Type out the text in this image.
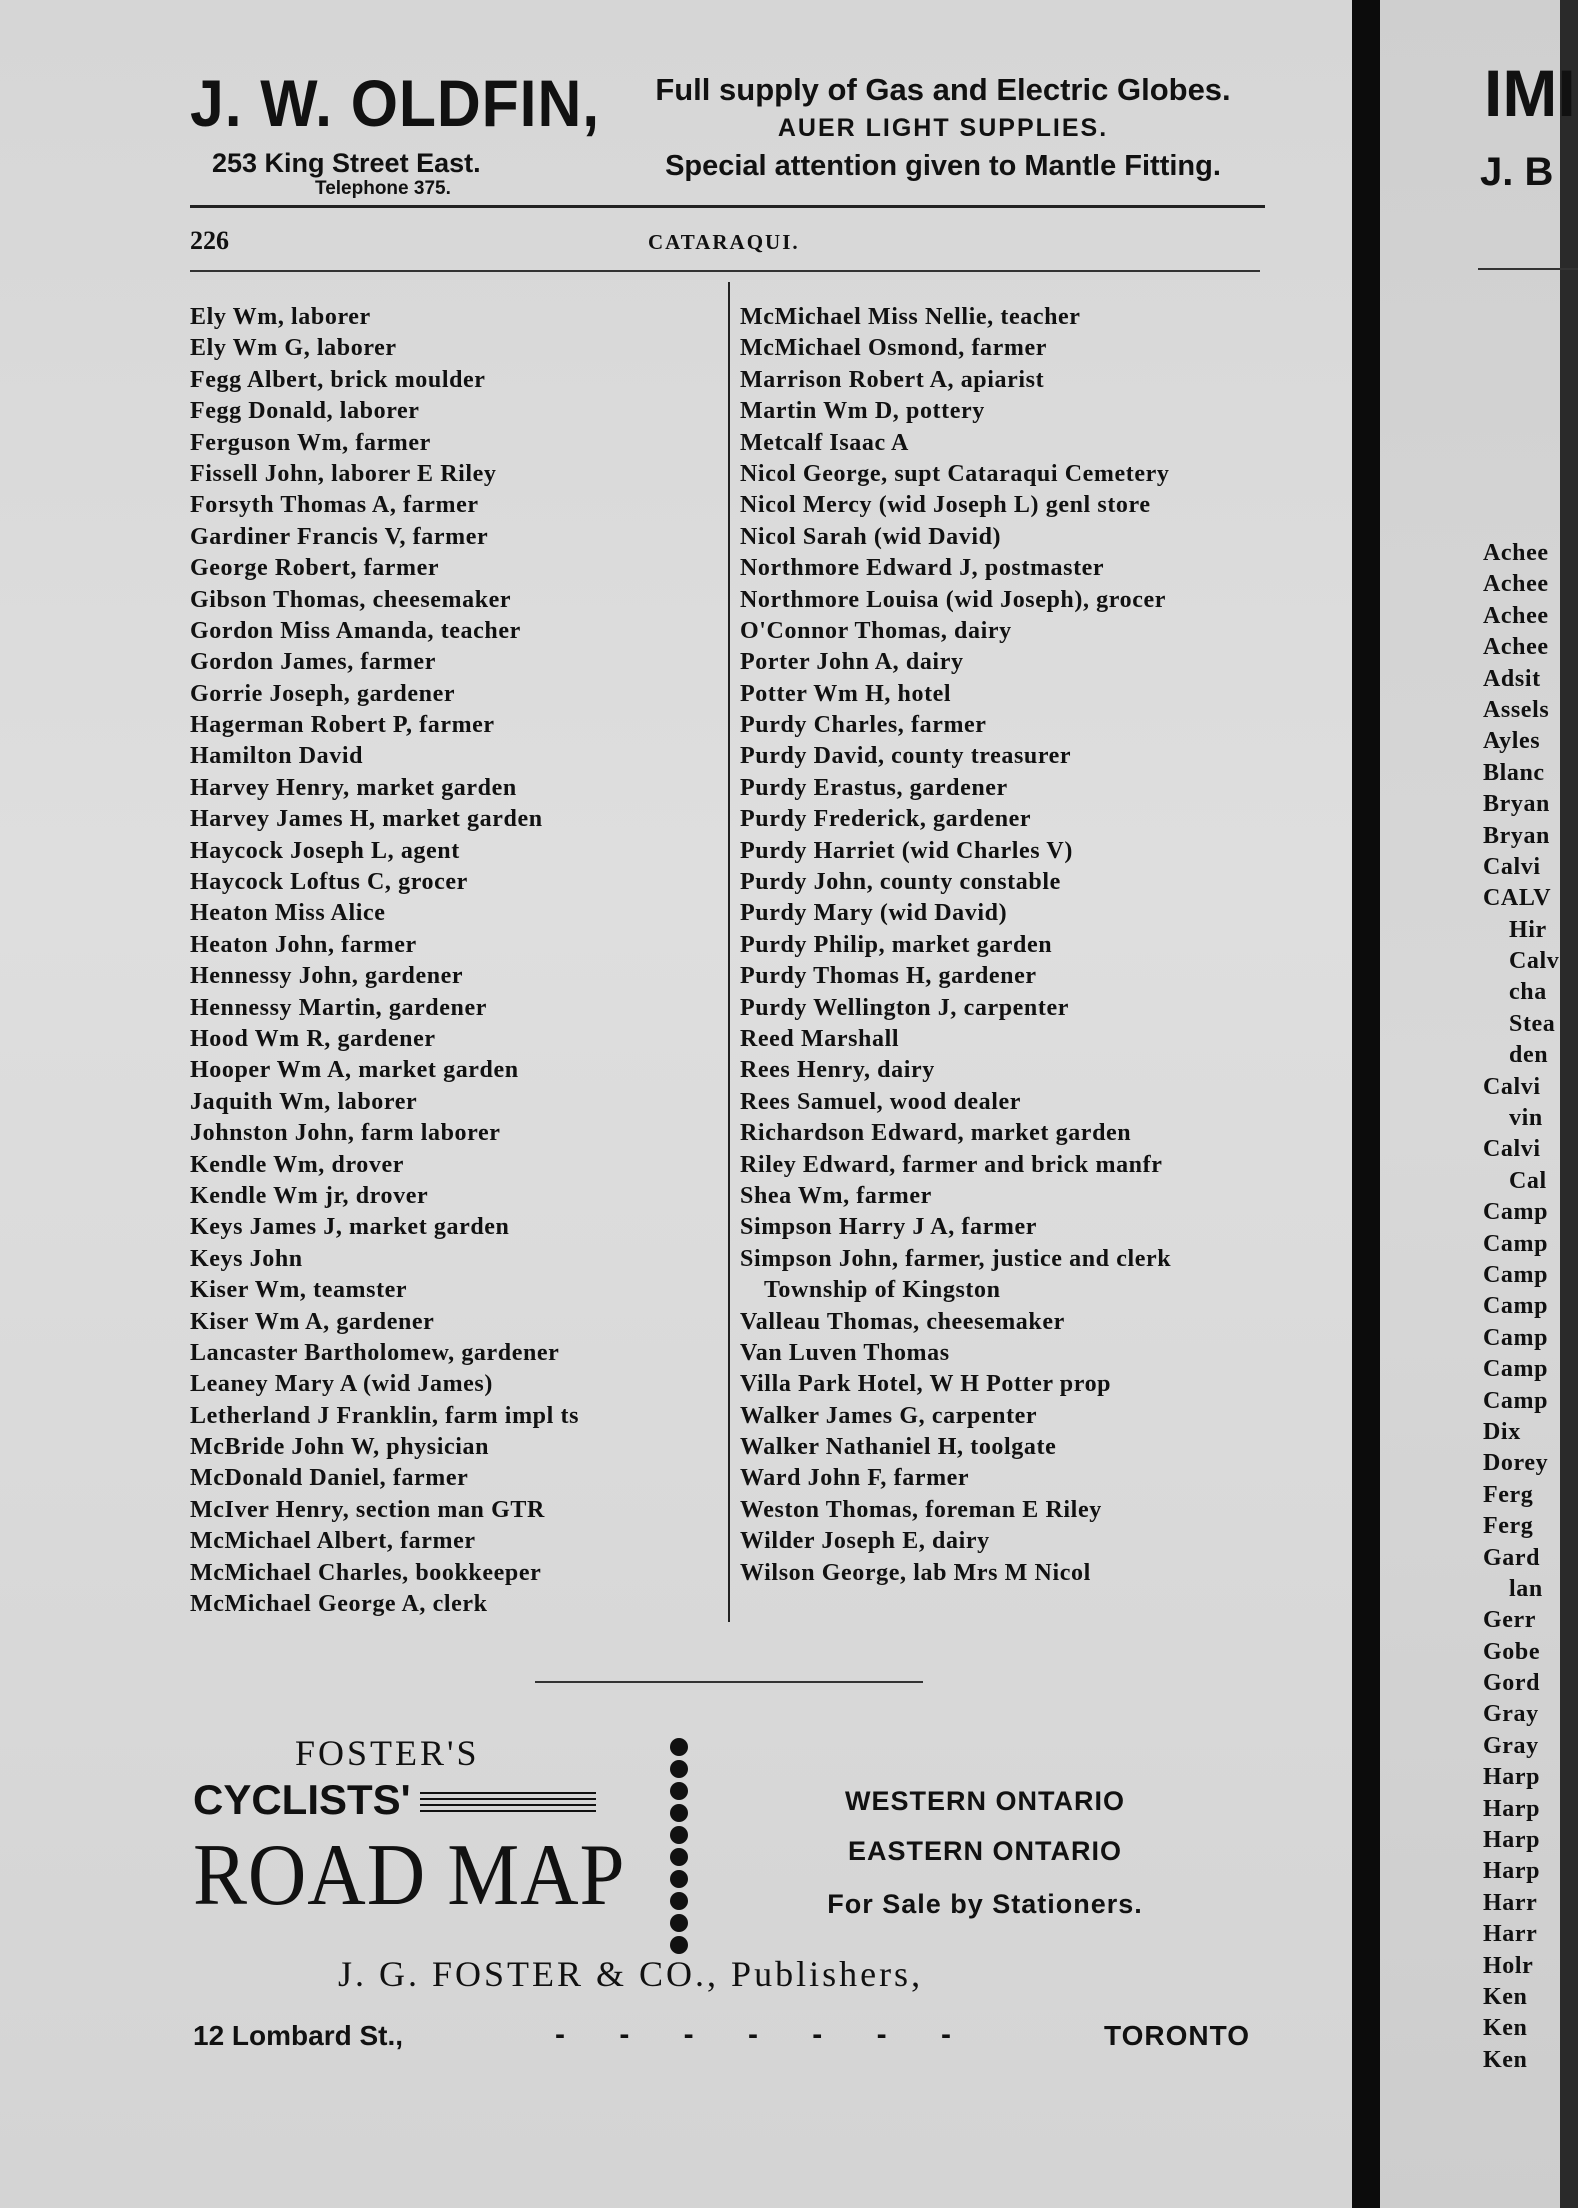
J. W. OLDFIN,
253 King Street East.
Telephone 375.
Full supply of Gas and Electric Globes.
AUER LIGHT SUPPLIES.
Special attention given to Mantle Fitting.
226	CATARAQUI.
Ely Wm, laborer
Ely Wm G, laborer
Fegg Albert, brick moulder
Fegg Donald, laborer
Ferguson Wm, farmer
Fissell John, laborer E Riley
Forsyth Thomas A, farmer
Gardiner Francis V, farmer
George Robert, farmer
Gibson Thomas, cheesemaker
Gordon Miss Amanda, teacher
Gordon James, farmer
Gorrie Joseph, gardener
Hagerman Robert P, farmer
Hamilton David
Harvey Henry, market garden
Harvey James H, market garden
Haycock Joseph L, agent
Haycock Loftus C, grocer
Heaton Miss Alice
Heaton John, farmer
Hennessy John, gardener
Hennessy Martin, gardener
Hood Wm R, gardener
Hooper Wm A, market garden
Jaquith Wm, laborer
Johnston John, farm laborer
Kendle Wm, drover
Kendle Wm jr, drover
Keys James J, market garden
Keys John
Kiser Wm, teamster
Kiser Wm A, gardener
Lancaster Bartholomew, gardener
Leaney Mary A (wid James)
Letherland J Franklin, farm impl ts
McBride John W, physician
McDonald Daniel, farmer
McIver Henry, section man GTR
McMichael Albert, farmer
McMichael Charles, bookkeeper
McMichael George A, clerk
McMichael Miss Nellie, teacher
McMichael Osmond, farmer
Marrison Robert A, apiarist
Martin Wm D, pottery
Metcalf Isaac A
Nicol George, supt Cataraqui Cemetery
Nicol Mercy (wid Joseph L) genl store
Nicol Sarah (wid David)
Northmore Edward J, postmaster
Northmore Louisa (wid Joseph), grocer
O'Connor Thomas, dairy
Porter John A, dairy
Potter Wm H, hotel
Purdy Charles, farmer
Purdy David, county treasurer
Purdy Erastus, gardener
Purdy Frederick, gardener
Purdy Harriet (wid Charles V)
Purdy John, county constable
Purdy Mary (wid David)
Purdy Philip, market garden
Purdy Thomas H, gardener
Purdy Wellington J, carpenter
Reed Marshall
Rees Henry, dairy
Rees Samuel, wood dealer
Richardson Edward, market garden
Riley Edward, farmer and brick manfr
Shea Wm, farmer
Simpson Harry J A, farmer
Simpson John, farmer, justice and clerk
Township of Kingston
Valleau Thomas, cheesemaker
Van Luven Thomas
Villa Park Hotel, W H Potter prop
Walker James G, carpenter
Walker Nathaniel H, toolgate
Ward John F, farmer
Weston Thomas, foreman E Riley
Wilder Joseph E, dairy
Wilson George, lab Mrs M Nicol
FOSTER'S
CYCLISTS'
ROAD MAP
WESTERN ONTARIO
EASTERN ONTARIO
For Sale by Stationers.
J. G. FOSTER & CO., Publishers,
12 Lombard St.,	- - - - - - -	TORONTO
IMI
J. B
Achee
Achee
Achee
Achee
Adsit
Assels
Ayles
Blanc
Bryan
Bryan
Calvi
CALV
Hir
Calv
cha
Stea
den
Calvi
vin
Calvi
Cal
Camp
Camp
Camp
Camp
Camp
Camp
Camp
Dix
Dorey
Ferg
Ferg
Gard
lan
Gerr
Gobe
Gord
Gray
Gray
Harp
Harp
Harp
Harp
Harr
Harr
Holr
Ken
Ken
Ken
